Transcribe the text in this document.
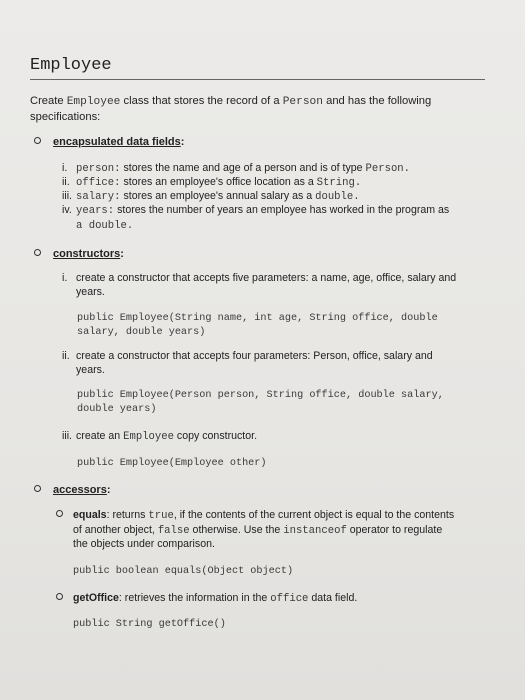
Employee
Create Employee class that stores the record of a Person and has the following
specifications:
encapsulated data fields:
i. person: stores the name and age of a person and is of type Person.
ii. office: stores an employee's office location as a String.
iii. salary: stores an employee's annual salary as a double.
iv. years: stores the number of years an employee has worked in the program as
a double.
constructors:
i. create a constructor that accepts five parameters: a name, age, office, salary and
years.
public Employee(String name, int age, String office, double
salary, double years)
ii. create a constructor that accepts four parameters: Person, office, salary and
years.
public Employee(Person person, String office, double salary,
double years)
iii. create an Employee copy constructor.
public Employee(Employee other)
accessors:
equals: returns true, if the contents of the current object is equal to the contents
of another object, false otherwise. Use the instanceof operator to regulate
the objects under comparison.
public boolean equals(Object object)
getOffice: retrieves the information in the office data field.
public String getOffice()
